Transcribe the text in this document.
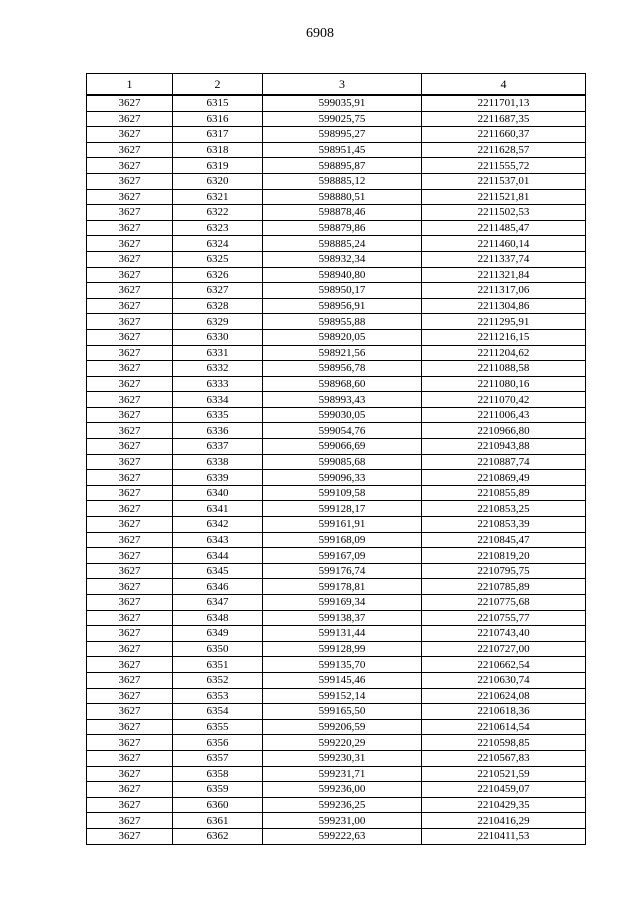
6908
1	2	3	4
3627	6315	599035,91	2211701,13
3627	6316	599025,75	2211687,35
3627	6317	598995,27	2211660,37
3627	6318	598951,45	2211628,57
3627	6319	598895,87	2211555,72
3627	6320	598885,12	2211537,01
3627	6321	598880,51	2211521,81
3627	6322	598878,46	2211502,53
3627	6323	598879,86	2211485,47
3627	6324	598885,24	2211460,14
3627	6325	598932,34	2211337,74
3627	6326	598940,80	2211321,84
3627	6327	598950,17	2211317,06
3627	6328	598956,91	2211304,86
3627	6329	598955,88	2211295,91
3627	6330	598920,05	2211216,15
3627	6331	598921,56	2211204,62
3627	6332	598956,78	2211088,58
3627	6333	598968,60	2211080,16
3627	6334	598993,43	2211070,42
3627	6335	599030,05	2211006,43
3627	6336	599054,76	2210966,80
3627	6337	599066,69	2210943,88
3627	6338	599085,68	2210887,74
3627	6339	599096,33	2210869,49
3627	6340	599109,58	2210855,89
3627	6341	599128,17	2210853,25
3627	6342	599161,91	2210853,39
3627	6343	599168,09	2210845,47
3627	6344	599167,09	2210819,20
3627	6345	599176,74	2210795,75
3627	6346	599178,81	2210785,89
3627	6347	599169,34	2210775,68
3627	6348	599138,37	2210755,77
3627	6349	599131,44	2210743,40
3627	6350	599128,99	2210727,00
3627	6351	599135,70	2210662,54
3627	6352	599145,46	2210630,74
3627	6353	599152,14	2210624,08
3627	6354	599165,50	2210618,36
3627	6355	599206,59	2210614,54
3627	6356	599220,29	2210598,85
3627	6357	599230,31	2210567,83
3627	6358	599231,71	2210521,59
3627	6359	599236,00	2210459,07
3627	6360	599236,25	2210429,35
3627	6361	599231,00	2210416,29
3627	6362	599222,63	2210411,53
